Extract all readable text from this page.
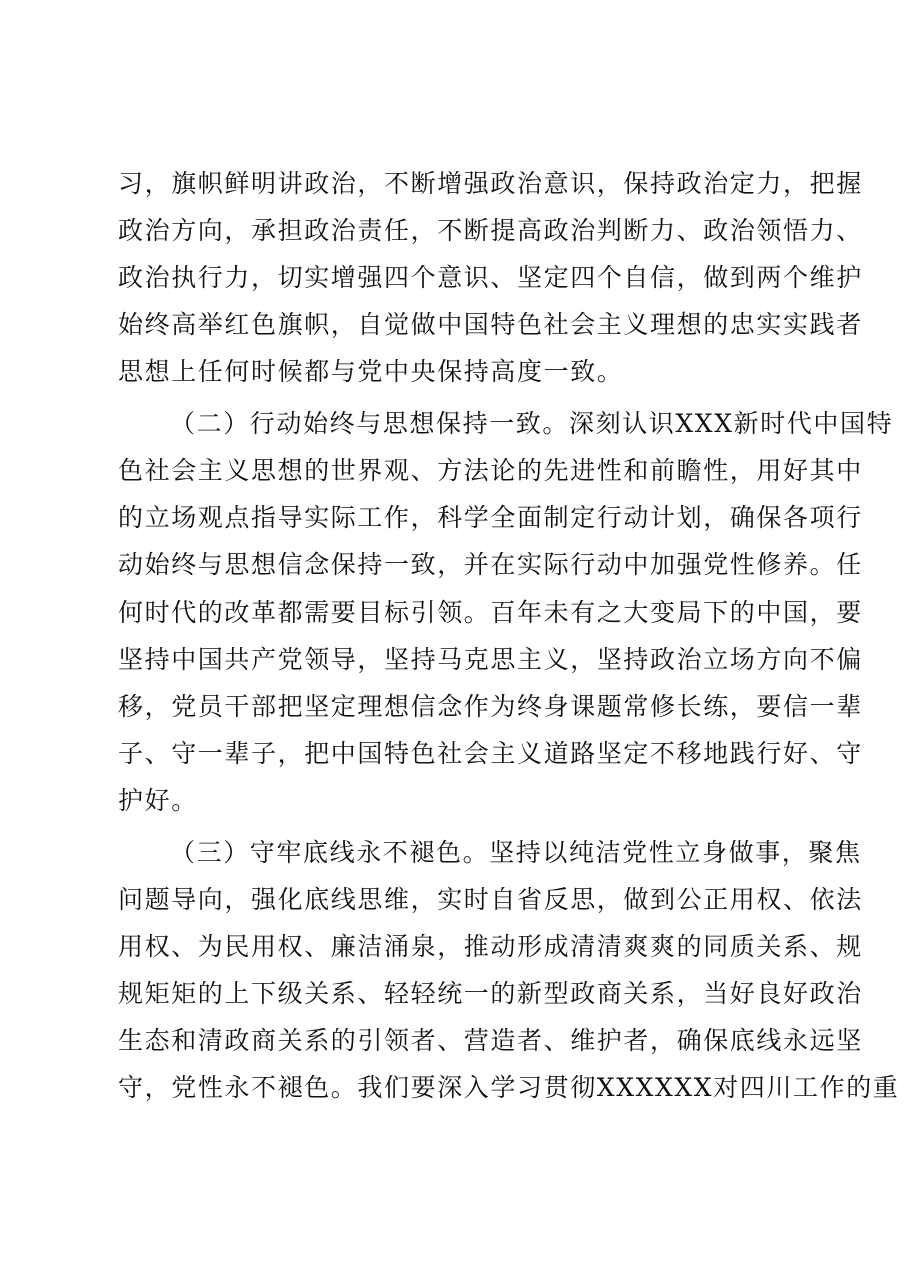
习，旗帜鲜明讲政治，不断增强政治意识，保持政治定力，把握
政治方向，承担政治责任，不断提高政治判断力、政治领悟力、
政治执行力，切实增强四个意识、坚定四个自信，做到两个维护
始终高举红色旗帜，自觉做中国特色社会主义理想的忠实实践者
思想上任何时候都与党中央保持高度一致。
（二）行动始终与思想保持一致。深刻认识XXX新时代中国特
色社会主义思想的世界观、方法论的先进性和前瞻性，用好其中
的立场观点指导实际工作，科学全面制定行动计划，确保各项行
动始终与思想信念保持一致，并在实际行动中加强党性修养。任
何时代的改革都需要目标引领。百年未有之大变局下的中国，要
坚持中国共产党领导，坚持马克思主义，坚持政治立场方向不偏
移，党员干部把坚定理想信念作为终身课题常修长练，要信一辈
子、守一辈子，把中国特色社会主义道路坚定不移地践行好、守
护好。
（三）守牢底线永不褪色。坚持以纯洁党性立身做事，聚焦
问题导向，强化底线思维，实时自省反思，做到公正用权、依法
用权、为民用权、廉洁涌泉，推动形成清清爽爽的同质关系、规
规矩矩的上下级关系、轻轻统一的新型政商关系，当好良好政治
生态和清政商关系的引领者、营造者、维护者，确保底线永远坚
守，党性永不褪色。我们要深入学习贯彻XXXXXX对四川工作的重
